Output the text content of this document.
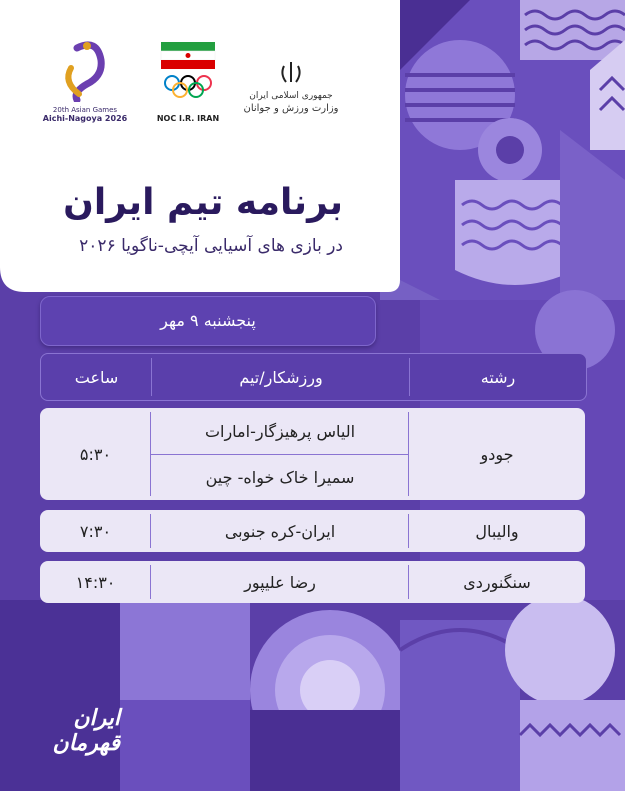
20th Asian Games
Aichi-Nagoya 2026	NOC I.R. IRAN
جمهوری اسلامی ایران
وزارت ورزش و جوانان
برنامه تیم ایران
در بازی های آسیایی آیچی-ناگویا ۲۰۲۶
پنجشنبه ۹ مهر
رشته
ورزشکار/تیم
ساعت
جودو
الیاس پرهیزگار-امارات
سمیرا خاک خواه- چین
۵:۳۰
والیبال
ایران-کره جنوبی
۷:۳۰
سنگنوردی
رضا علیپور
۱۴:۳۰
ایران قهرمان
